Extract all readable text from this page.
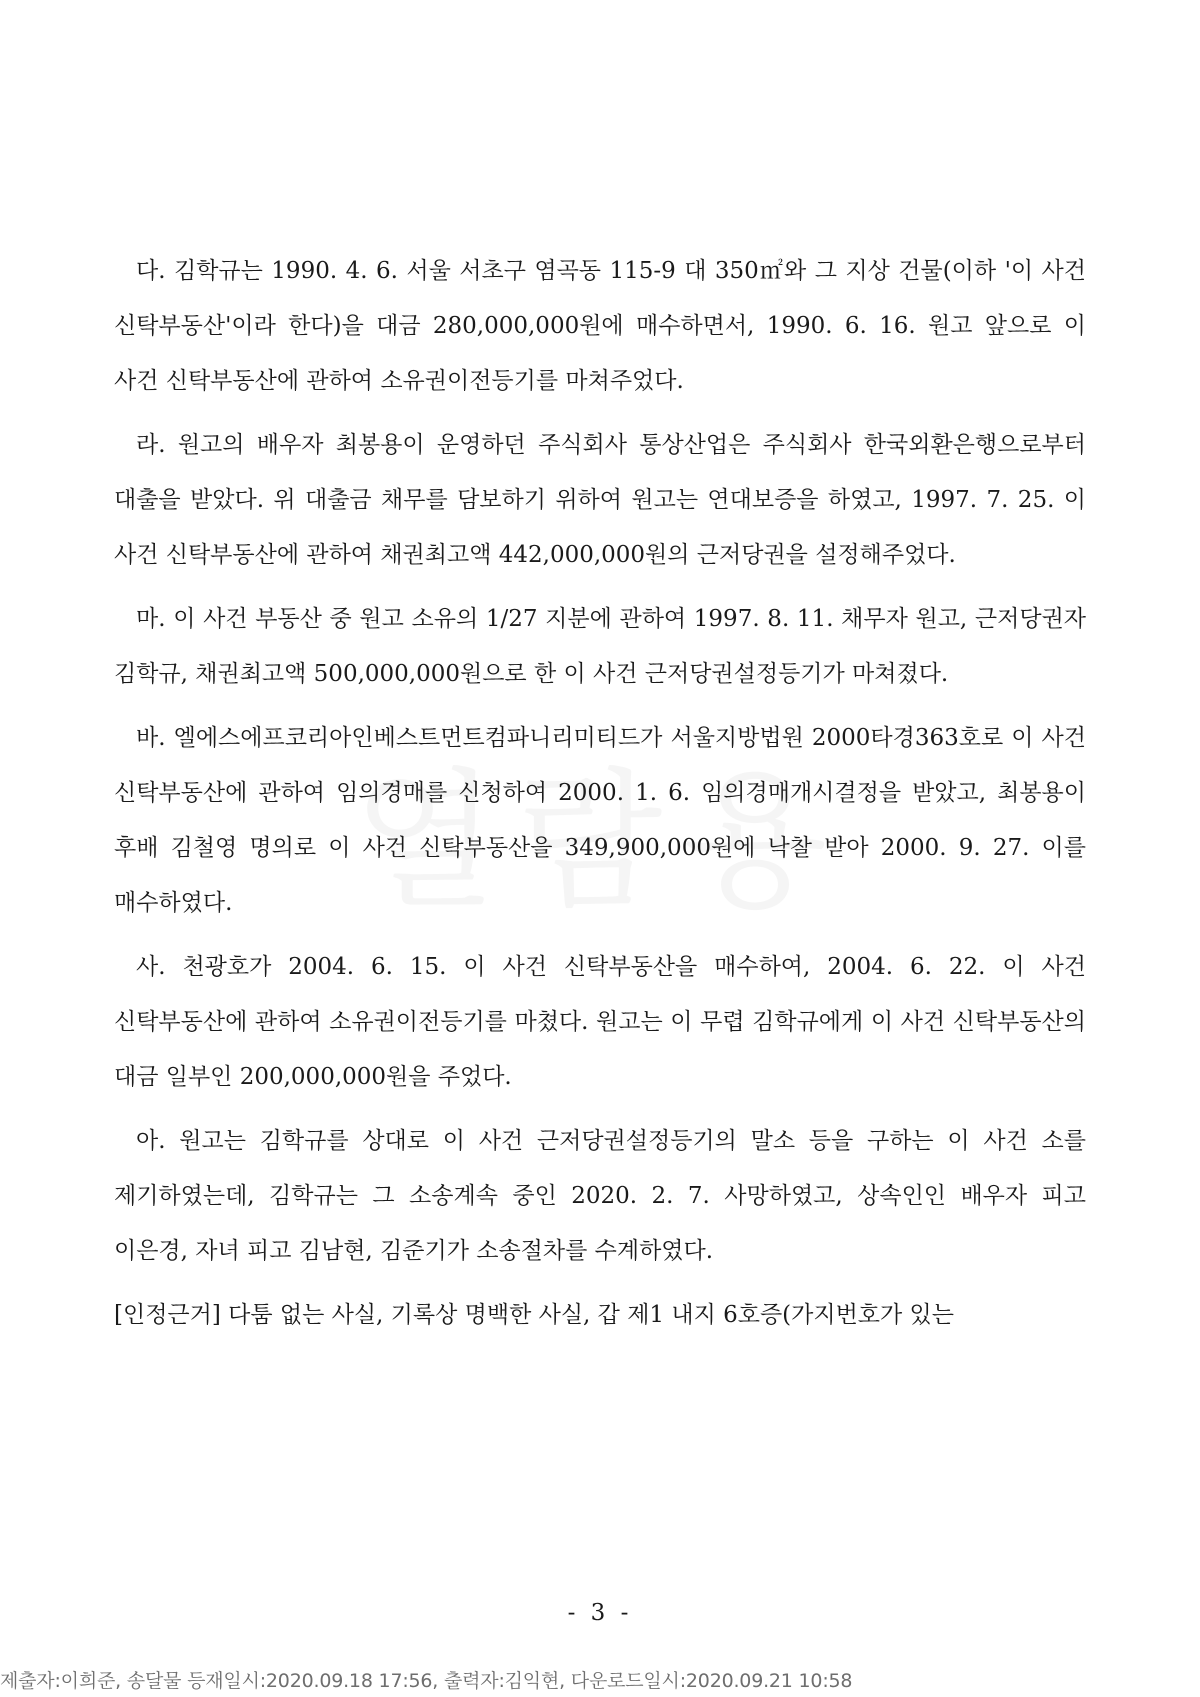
다. 김학규는 1990. 4. 6. 서울 서초구 염곡동 115-9 대 350㎡와 그 지상 건물(이하 '이 사건 신탁부동산'이라 한다)을 대금 280,000,000원에 매수하면서, 1990. 6. 16. 원고 앞으로 이 사건 신탁부동산에 관하여 소유권이전등기를 마쳐주었다.

라. 원고의 배우자 최봉용이 운영하던 주식회사 통상산업은 주식회사 한국외환은행으로부터 대출을 받았다. 위 대출금 채무를 담보하기 위하여 원고는 연대보증을 하였고, 1997. 7. 25. 이 사건 신탁부동산에 관하여 채권최고액 442,000,000원의 근저당권을 설정해주었다.

마. 이 사건 부동산 중 원고 소유의 1/27 지분에 관하여 1997. 8. 11. 채무자 원고, 근저당권자 김학규, 채권최고액 500,000,000원으로 한 이 사건 근저당권설정등기가 마쳐졌다.

바. 엘에스에프코리아인베스트먼트컴파니리미티드가 서울지방법원 2000타경363호로 이 사건 신탁부동산에 관하여 임의경매를 신청하여 2000. 1. 6. 임의경매개시결정을 받았고, 최봉용이 후배 김철영 명의로 이 사건 신탁부동산을 349,900,000원에 낙찰 받아 2000. 9. 27. 이를 매수하였다.

사. 천광호가 2004. 6. 15. 이 사건 신탁부동산을 매수하여, 2004. 6. 22. 이 사건 신탁부동산에 관하여 소유권이전등기를 마쳤다. 원고는 이 무렵 김학규에게 이 사건 신탁부동산의 대금 일부인 200,000,000원을 주었다.

아. 원고는 김학규를 상대로 이 사건 근저당권설정등기의 말소 등을 구하는 이 사건 소를 제기하였는데, 김학규는 그 소송계속 중인 2020. 2. 7. 사망하였고, 상속인인 배우자 피고 이은경, 자녀 피고 김남현, 김준기가 소송절차를 수계하였다.

[인정근거] 다툼 없는 사실, 기록상 명백한 사실, 갑 제1 내지 6호증(가지번호가 있는

- 3 -
제출자:이희준, 송달물 등재일시:2020.09.18 17:56, 출력자:김익현, 다운로드일시:2020.09.21 10:58
